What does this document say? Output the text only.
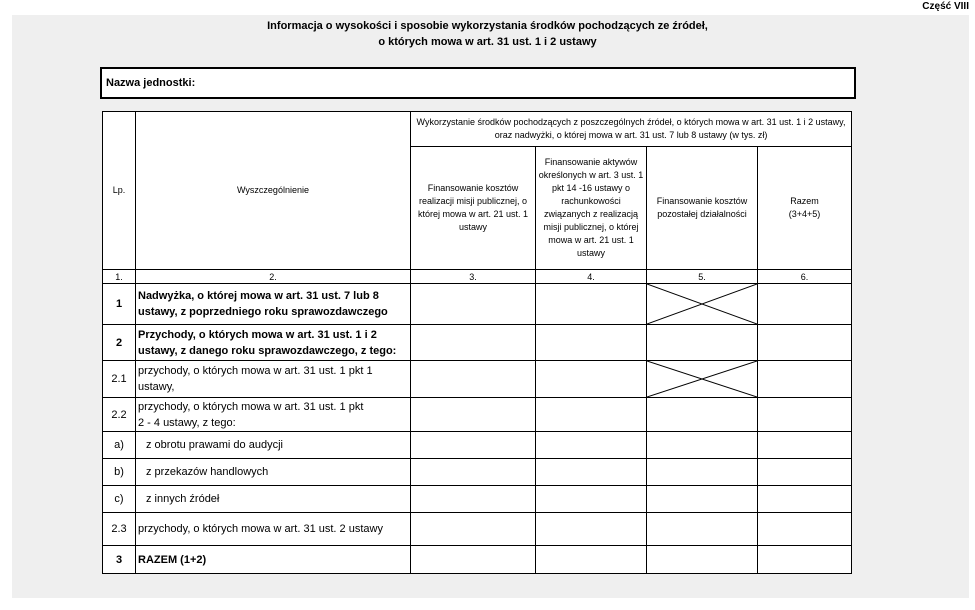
Część VIII
Informacja o wysokości i sposobie wykorzystania środków pochodzących ze źródeł,
o których mowa w art. 31 ust. 1 i 2 ustawy
Nazwa jednostki:
Lp.	Wyszczególnienie	Wykorzystanie środków pochodzących z poszczególnych źródeł, o których mowa w art. 31 ust. 1 i 2 ustawy, oraz nadwyżki, o której mowa w art. 31 ust. 7 lub 8 ustawy (w tys. zł)			
		Finansowanie kosztów realizacji misji publicznej, o której mowa w art. 21 ust. 1 ustawy	Finansowanie aktywów określonych w art. 3 ust. 1 pkt 14 -16 ustawy o rachunkowości związanych z realizacją misji publicznej, o której mowa w art. 21 ust. 1 ustawy	Finansowanie kosztów pozostałej działalności	Razem
(3+4+5)

1.	2.	3.	4.	5.	6.
1	Nadwyżka, o której mowa w art. 31 ust. 7 lub 8 ustawy, z poprzedniego roku sprawozdawczego			

2	Przychody, o których mowa w art. 31 ust. 1 i 2 ustawy, z danego roku sprawozdawczego, z tego:				
2.1	przychody, o których mowa w art. 31 ust. 1 pkt 1 ustawy,			

2.2	przychody, o których mowa w art. 31 ust. 1 pkt
2 - 4 ustawy, z tego:				

a)	z obrotu prawami do audycji				
b)	z przekazów handlowych				
c)	z innych źródeł				
2.3	przychody, o których mowa w art. 31 ust. 2 ustawy				
3	RAZEM (1+2)				
